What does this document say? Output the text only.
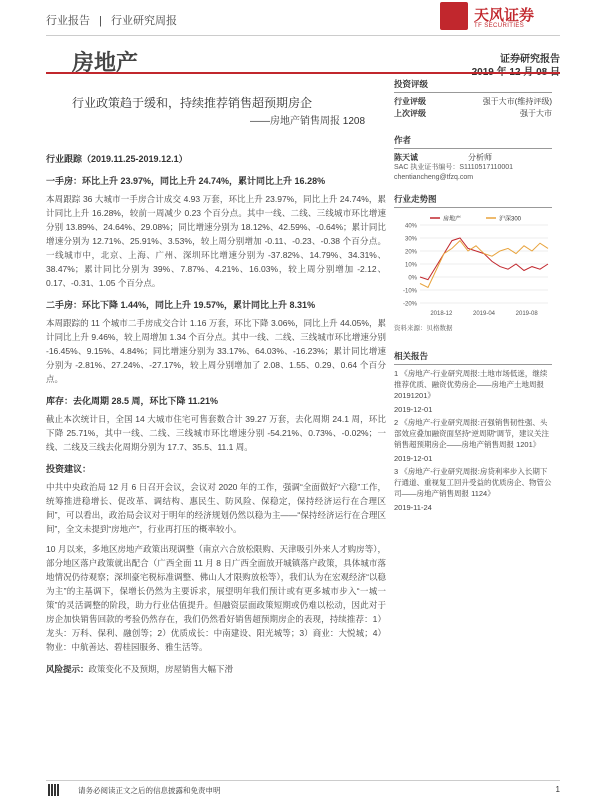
行业报告 | 行业研究周报	天风证券
TF SECURITIES
房地产	证券研究报告
2019 年 12 月 08 日
行业政策趋于缓和，持续推荐销售超预期房企
——房地产销售周报 1208
行业跟踪（2019.11.25-2019.12.1）
一手房：环比上升 23.97%，同比上升 24.74%，累计同比上升 16.28%

本周跟踪 36 大城市一手房合计成交 4.93 万套，环比上升 23.97%，同比上升 24.74%，累计同比上升 16.28%，较前一周减少 0.23 个百分点。其中一线、二线、三线城市环比增速分别 13.89%、24.64%、29.08%；同比增速分别为 18.12%、42.59%、-0.64%；累计同比增速分别为 12.71%、25.91%、3.53%，较上周分别增加 -0.11、-0.23、-0.38 个百分点。一线城市中，北京、上海、广州、深圳环比增速分别为 -37.82%、14.79%、34.31%、38.47%；累计同比分别为 39%、7.87%、4.21%、16.03%，较上周分别增加 -2.12、0.17、-0.31、1.05 个百分点。

二手房：环比下降 1.44%，同比上升 19.57%，累计同比上升 8.31%

本周跟踪的 11 个城市二手房成交合计 1.16 万套，环比下降 3.06%，同比上升 44.05%，累计同比上升 9.46%，较上周增加 1.34 个百分点。其中一线、二线、三线城市环比增速分别 -16.45%、9.15%、4.84%；同比增速分别为 33.17%、64.03%、-16.23%；累计同比增速分别为 -2.81%、27.24%、-27.17%，较上周分别增加了 2.08、1.55、0.29、0.64 个百分点。

库存：去化周期 28.5 周，环比下降 11.21%

截止本次统计日，全国 14 大城市住宅可售套数合计 39.27 万套，去化周期 24.1 周，环比下降 25.71%，其中一线、二线、三线城市环比增速分别 -54.21%、0.73%、-0.02%；一线、二线及三线去化周期分别为 17.7、35.5、11.1 周。

投资建议：

中共中央政治局 12 月 6 日召开会议，会议对 2020 年的工作，强调“全面做好“六稳”工作，统筹推进稳增长、促改革、调结构、惠民生、防风险、保稳定，保持经济运行在合理区间”，可以看出，政治局会议对于明年的经济规划仍然以稳为主——“保持经济运行在合理区间”，全文未提到“房地产”，行业再打压的概率较小。

10 月以来，多地区房地产政策出现调整（南京六合放松限购、天津吸引外来人才购房等），部分地区落户政策就出配合（广西全面 11 月 8 日广西全面放开城镇落户政策，具体城市落地情况仍待观察；深圳豪宅税标准调整、佛山人才限购放松等），我们认为在宏观经济“以稳为主”的主基调下，保增长仍然为主要诉求，展望明年我们预计或有更多城市步入“一城一策”的灵活调整的阶段，助力行业估值提升。但融资层面政策短期或仍难以松动，因此对于房企加快销售回款的考验仍然存在，我们仍然看好销售超预期房企的表现，持续推荐：1）龙头：万科、保利、融创等；2）优质成长：中南建设、阳光城等；3）商业：大悦城；4）物业：中航善达、碧桂园服务、雅生活等。

风险提示：政策变化不及预期，房屋销售大幅下滑
投资评级
行业评级	强于大市(维持评级)
上次评级	强于大市
作者
陈天诚	分析师
SAC 执业证书编号：S1110517110001
chentiancheng@tfzq.com
行业走势图
40%
30%
20%
10%
0%
-10%
-20%
2018-12	2019-04	2019-08
房地产	沪深300
资料来源：贝格数据
相关报告
1 《房地产-行业研究周报:土地市场低迷，继续推荐优质、融资优势房企——房地产土地周报 20191201》
2019-12-01
2 《房地产-行业研究周报:百强销售韧性强、头部效应叠加融资面坚持“逆周期”调节，建议关注销售超预期房企——房地产销售周报 1201》
2019-12-01
3 《房地产-行业研究周报:房贷利率步入长期下行通道、重视复工回升受益的优质房企、物管公司——房地产销售周报 1124》
2019-11-24
请务必阅读正文之后的信息披露和免责申明	1
